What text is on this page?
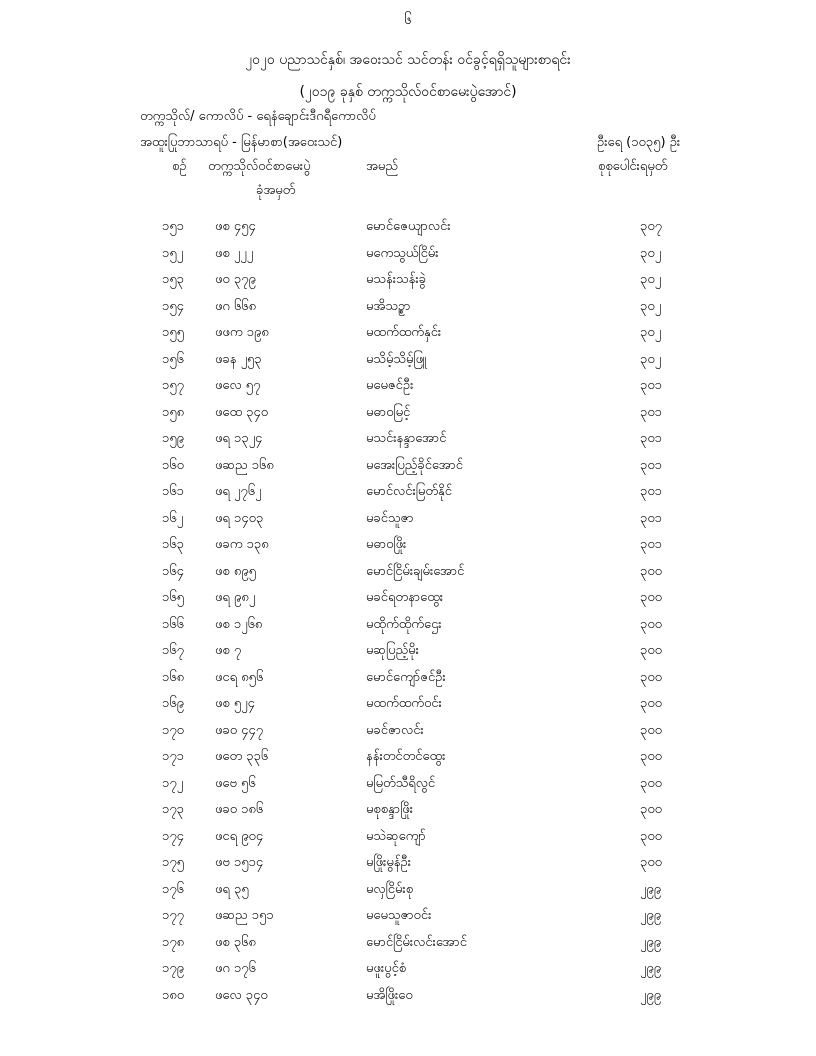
၆
၂၀၂၀ ပညာသင်နှစ်၊ အဝေးသင် သင်တန်း ဝင်ခွင့်ရရှိသူများစာရင်း
(၂၀၁၉ ခုနှစ် တက္ကသိုလ်ဝင်စာမေးပွဲအောင်)
တက္ကသိုလ်/ ကောလိပ် - ရေနံချောင်းဒီဂရီကောလိပ်
အထူးပြုဘာသာရပ် - မြန်မာစာ(အဝေးသင်)	ဦးရေ (၁၀၃၅) ဦး
စဉ် တက္ကသိုလ်ဝင်စာမေးပွဲ
ခုံအမှတ်
အမည်	စုစုပေါင်းရမှတ်
၁၅၁ ဖစ ၄၅၄	မောင်ဇေယျာလင်း	၃၀၇
၁၅၂ ဖစ ၂၂၂	မကေသွယ်ငြိမ်း	၃၀၂
၁၅၃ ဖဝ ၃၇၉	မသန်းသန်းခွဲ	၃၀၂
၁၅၄ ဖဂ ၆၆၈	မအိသဥ္စာ	၃၀၂
၁၅၅ ဖဖက ၁၉၈	မထက်ထက်နှင်း	၃၀၂
၁၅၆ ဖခန ၂၅၃	မသိမ့်သိမ့်ဖြူ	၃၀၂
၁၅၇ ဖလေ ၅၇	မမေဇင်ဦး	၃၀၁
၁၅၈ ဖထေ ၃၄၀	မဓာဝမြင့်	၃၀၁
၁၅၉ ဖရ ၁၃၂၄	မသင်းနန္ဒာအောင်	၃၀၁
၁၆၀ ဖဆည ၁၆၈	မအေးပြည့်ခိုင်အောင်	၃၀၁
၁၆၁ ဖရ ၂၇၆၂	မောင်လင်းမြတ်နိုင်	၃၀၁
၁၆၂ ဖရ ၁၄၀၃	မခင်သူဇာ	၃၀၁
၁၆၃ ဖခက ၁၃၈	မဓာဝဖြိုး	၃၀၁
၁၆၄ ဖစ ၈၉၅	မောင်ငြိမ်းချမ်းအောင်	၃၀၀
၁၆၅ ဖရ ၉၈၂	မခင်ရတနာထွေး	၃၀၀
၁၆၆ ဖစ ၁၂၆၈	မထိုက်ထိုက်ဌေး	၃၀၀
၁၆၇ ဖစ ၇	မဆုပြည့်မိုး	၃၀၀
၁၆၈ ဖငရ ၈၅၆	မောင်ကျော်ဇင်ဦး	၃၀၀
၁၆၉ ဖစ ၅၂၄	မထက်ထက်ဝင်း	၃၀၀
၁၇၀ ဖခဝ ၄၄၇	မခင်ဇာလင်း	၃၀၀
၁၇၁ ဖတေ ၃၃၆	နန်းတင်တင်ထွေး	၃၀၀
၁၇၂ ဖဗေ ၅၆	မမြတ်သီရိလွင်	၃၀၀
၁၇၃ ဖခဝ ၁၈၆	မစုစန္ဒာဖြိုး	၃၀၀
၁၇၄ ဖငရ ၉၀၄	မသဲဆုကျော်	၃၀၀
၁၇၅ ဖဗ ၁၅၁၄	မဖြိုးမွန်ဦး	၃၀၀
၁၇၆ ဖရ ၃၅	မလှငြိမ်းစု	၂၉၉
၁၇၇ ဖဆည ၁၅၁	မမေသူဇာဝင်း	၂၉၉
၁၇၈ ဖစ ၃၆၈	မောင်ငြိမ်းလင်းအောင်	၂၉၉
၁၇၉ ဖဂ ၁၇၆	မဖူးပွင့်စံ	၂၉၉
၁၈၀ ဖလေ ၃၄၀	မအိဖြိုးဝေ	၂၉၉
